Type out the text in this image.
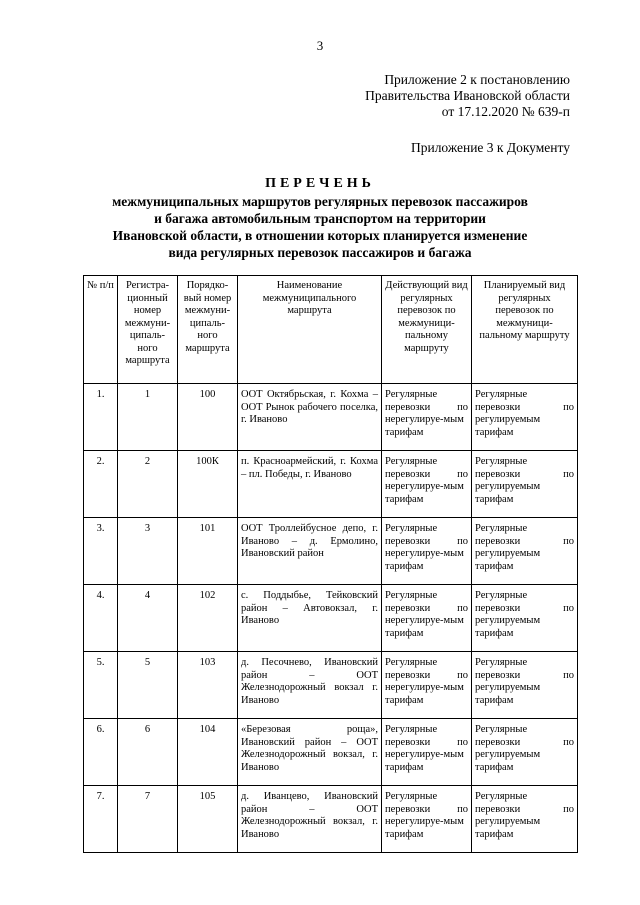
3
Приложение 2 к постановлению
Правительства Ивановской области
от 17.12.2020 № 639-п
Приложение 3 к Документу
ПЕРЕЧЕНЬ
межмуниципальных маршрутов регулярных перевозок пассажиров
и багажа автомобильным транспортом на территории
Ивановской области, в отношении которых планируется изменение
вида регулярных перевозок пассажиров и багажа
№ п/п	Регистра-ционный номер межмуни-ципаль-ного маршрута	Порядко-вый номер межмуни-ципаль-ного маршрута	Наименование межмуниципального маршрута	Действующий вид регулярных перевозок по межмуници-пальному маршруту	Планируемый вид регулярных перевозок по межмуници-пальному маршруту
1.	1	100	ООТ Октябрьская, г. Кохма – ООТ Рынок рабочего поселка, г. Иваново	Регулярные перевозки по нерегулируе-мым тарифам	Регулярные перевозки по регулируемым тарифам
2.	2	100К	п. Красноармейский, г. Кохма – пл. Победы, г. Иваново	Регулярные перевозки по нерегулируе-мым тарифам	Регулярные перевозки по регулируемым тарифам
3.	3	101	ООТ Троллейбусное депо, г. Иваново – д. Ермолино, Ивановский район	Регулярные перевозки по нерегулируе-мым тарифам	Регулярные перевозки по регулируемым тарифам
4.	4	102	с. Поддыбье, Тейковский район – Автовокзал, г. Иваново	Регулярные перевозки по нерегулируе-мым тарифам	Регулярные перевозки по регулируемым тарифам
5.	5	103	д. Песочнево, Ивановский район – ООТ Железнодорожный вокзал г. Иваново	Регулярные перевозки по нерегулируе-мым тарифам	Регулярные перевозки по регулируемым тарифам
6.	6	104	«Березовая роща», Ивановский район – ООТ Железнодорожный вокзал, г. Иваново	Регулярные перевозки по нерегулируе-мым тарифам	Регулярные перевозки по регулируемым тарифам
7.	7	105	д. Иванцево, Ивановский район – ООТ Железнодорожный вокзал, г. Иваново	Регулярные перевозки по нерегулируе-мым тарифам	Регулярные перевозки по регулируемым тарифам
